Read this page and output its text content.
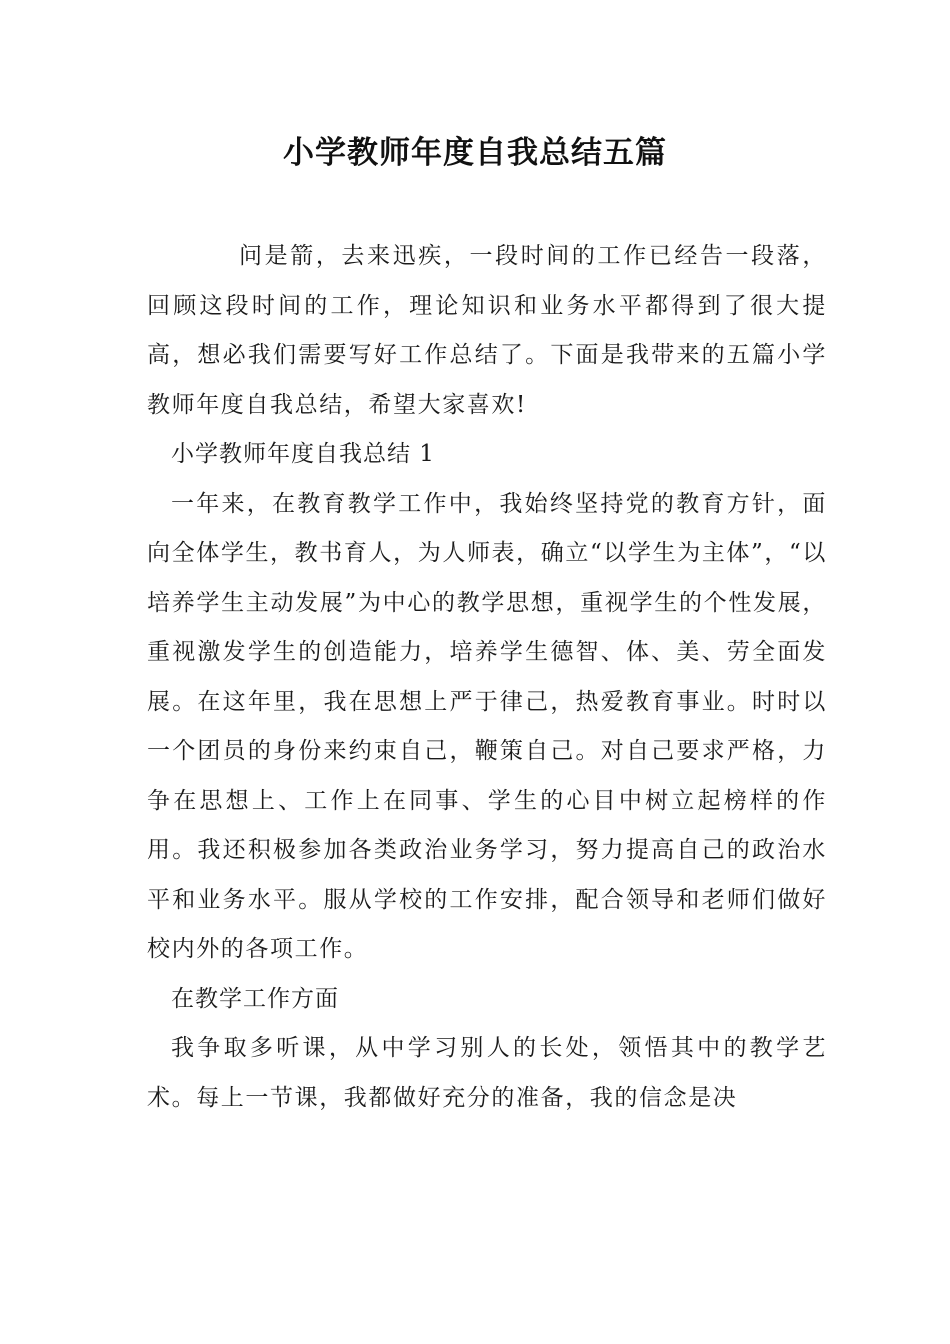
小学教师年度自我总结五篇

问是箭，去来迅疾，一段时间的工作已经告一段落，回顾这段时间的工作，理论知识和业务水平都得到了很大提高，想必我们需要写好工作总结了。下面是我带来的五篇小学教师年度自我总结，希望大家喜欢!

小学教师年度自我总结 1

一年来，在教育教学工作中，我始终坚持党的教育方针，面向全体学生，教书育人，为人师表，确立“以学生为主体”，“以培养学生主动发展”为中心的教学思想，重视学生的个性发展，重视激发学生的创造能力，培养学生德智、体、美、劳全面发展。在这年里，我在思想上严于律己，热爱教育事业。时时以一个团员的身份来约束自己，鞭策自己。对自己要求严格，力争在思想上、工作上在同事、学生的心目中树立起榜样的作用。我还积极参加各类政治业务学习，努力提高自己的政治水平和业务水平。服从学校的工作安排，配合领导和老师们做好校内外的各项工作。

在教学工作方面

我争取多听课，从中学习别人的长处，领悟其中的教学艺术。每上一节课，我都做好充分的准备，我的信念是决
